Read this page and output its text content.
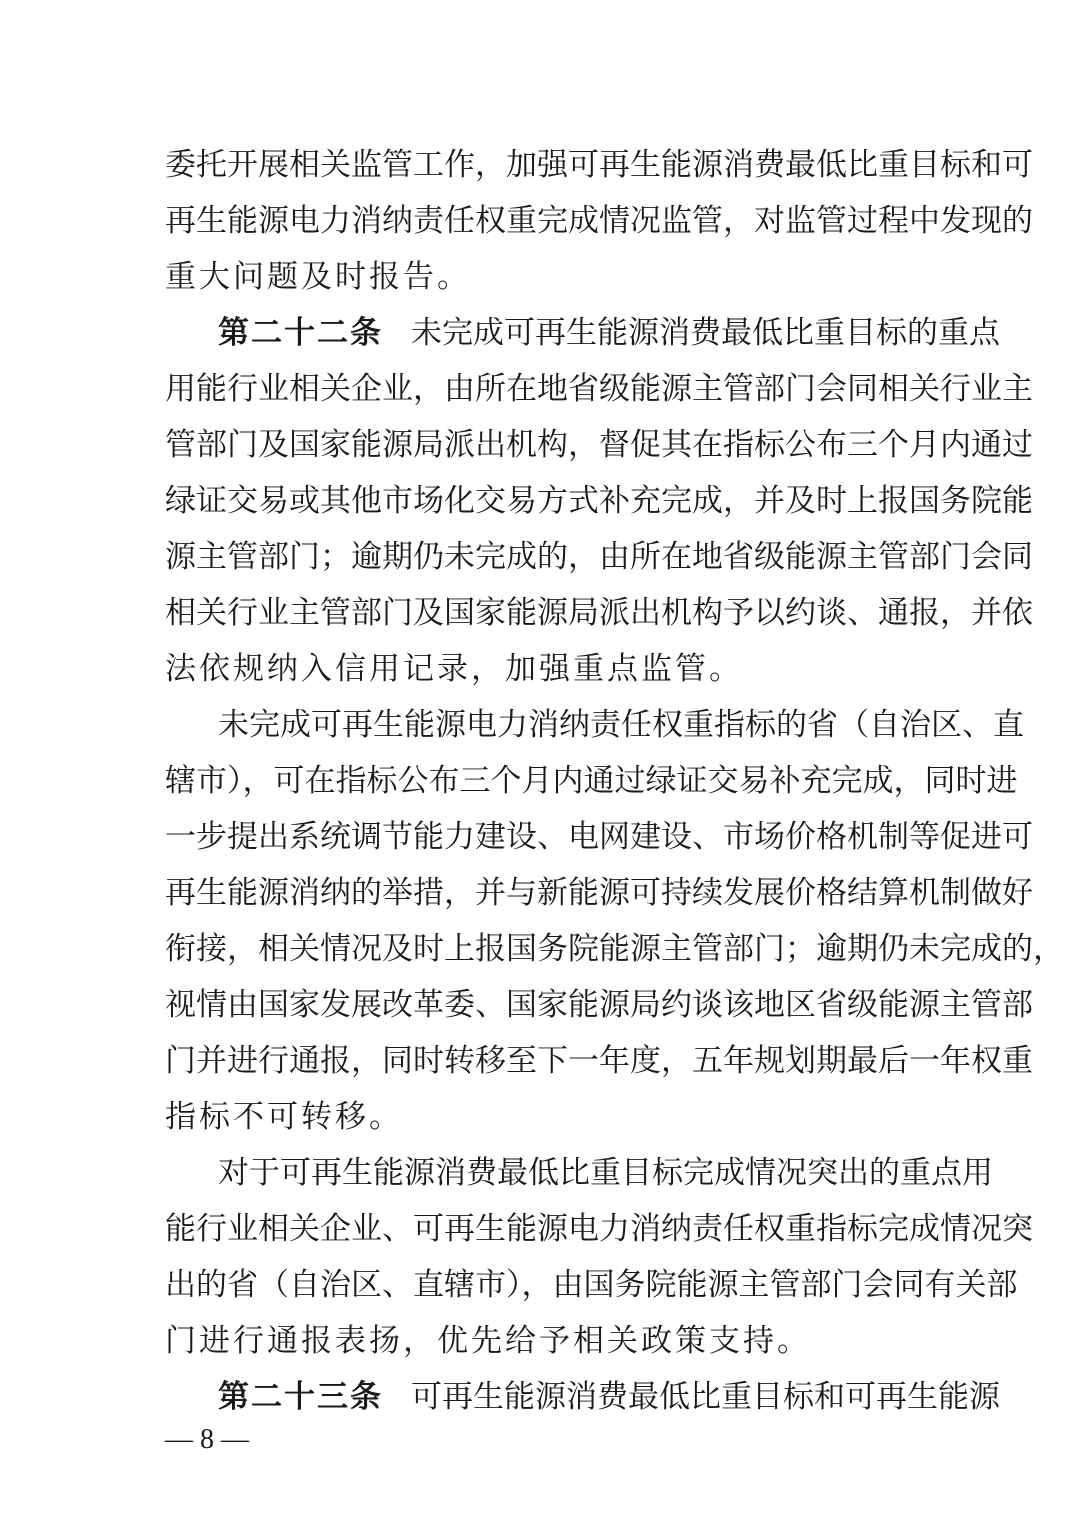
委托开展相关监管工作，加强可再生能源消费最低比重目标和可
再生能源电力消纳责任权重完成情况监管，对监管过程中发现的
重大问题及时报告。
第二十二条 未完成可再生能源消费最低比重目标的重点
用能行业相关企业，由所在地省级能源主管部门会同相关行业主
管部门及国家能源局派出机构，督促其在指标公布三个月内通过
绿证交易或其他市场化交易方式补充完成，并及时上报国务院能
源主管部门；逾期仍未完成的，由所在地省级能源主管部门会同
相关行业主管部门及国家能源局派出机构予以约谈、通报，并依
法依规纳入信用记录，加强重点监管。
未完成可再生能源电力消纳责任权重指标的省（自治区、直
辖市），可在指标公布三个月内通过绿证交易补充完成，同时进
一步提出系统调节能力建设、电网建设、市场价格机制等促进可
再生能源消纳的举措，并与新能源可持续发展价格结算机制做好
衔接，相关情况及时上报国务院能源主管部门；逾期仍未完成的，
视情由国家发展改革委、国家能源局约谈该地区省级能源主管部
门并进行通报，同时转移至下一年度，五年规划期最后一年权重
指标不可转移。
对于可再生能源消费最低比重目标完成情况突出的重点用
能行业相关企业、可再生能源电力消纳责任权重指标完成情况突
出的省（自治区、直辖市），由国务院能源主管部门会同有关部
门进行通报表扬，优先给予相关政策支持。
第二十三条 可再生能源消费最低比重目标和可再生能源
— 8 —
